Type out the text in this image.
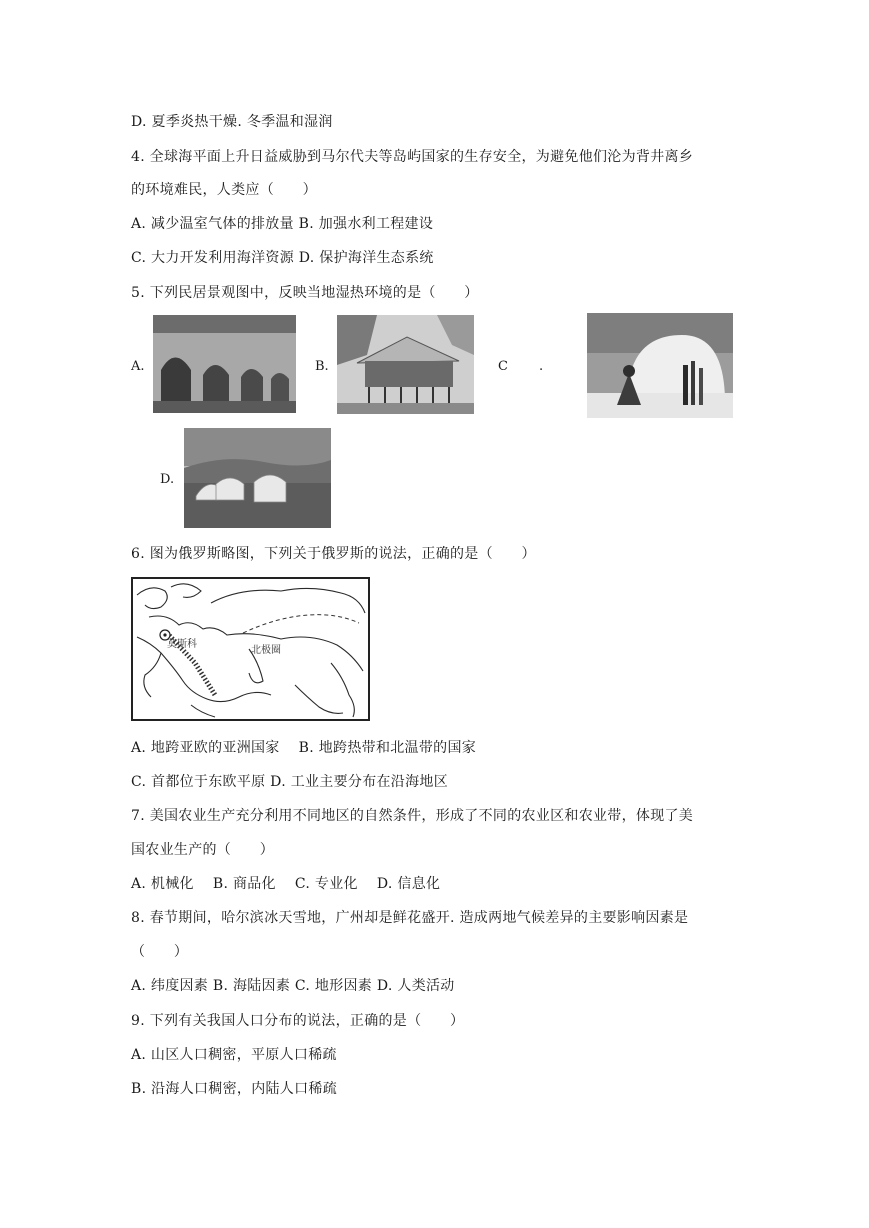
D. 夏季炎热干燥. 冬季温和湿润
4. 全球海平面上升日益威胁到马尔代夫等岛屿国家的生存安全，为避免他们沦为背井离乡
的环境难民，人类应（　　）
A. 减少温室气体的排放量 B. 加强水利工程建设
C. 大力开发利用海洋资源 D. 保护海洋生态系统
5. 下列民居景观图中，反映当地湿热环境的是（　　）
A.	B.	C .
D.
6. 图为俄罗斯略图，下列关于俄罗斯的说法，正确的是（　　）
莫斯科
北极圈
A. 地跨亚欧的亚洲国家　 B. 地跨热带和北温带的国家
C. 首都位于东欧平原 D. 工业主要分布在沿海地区
7. 美国农业生产充分利用不同地区的自然条件，形成了不同的农业区和农业带，体现了美
国农业生产的（　　）
A. 机械化　 B. 商品化　 C. 专业化　 D. 信息化
8. 春节期间，哈尔滨冰天雪地，广州却是鲜花盛开. 造成两地气候差异的主要影响因素是
（　　）
A. 纬度因素 B. 海陆因素 C. 地形因素 D. 人类活动
9. 下列有关我国人口分布的说法，正确的是（　　）
A. 山区人口稠密，平原人口稀疏
B. 沿海人口稠密，内陆人口稀疏
